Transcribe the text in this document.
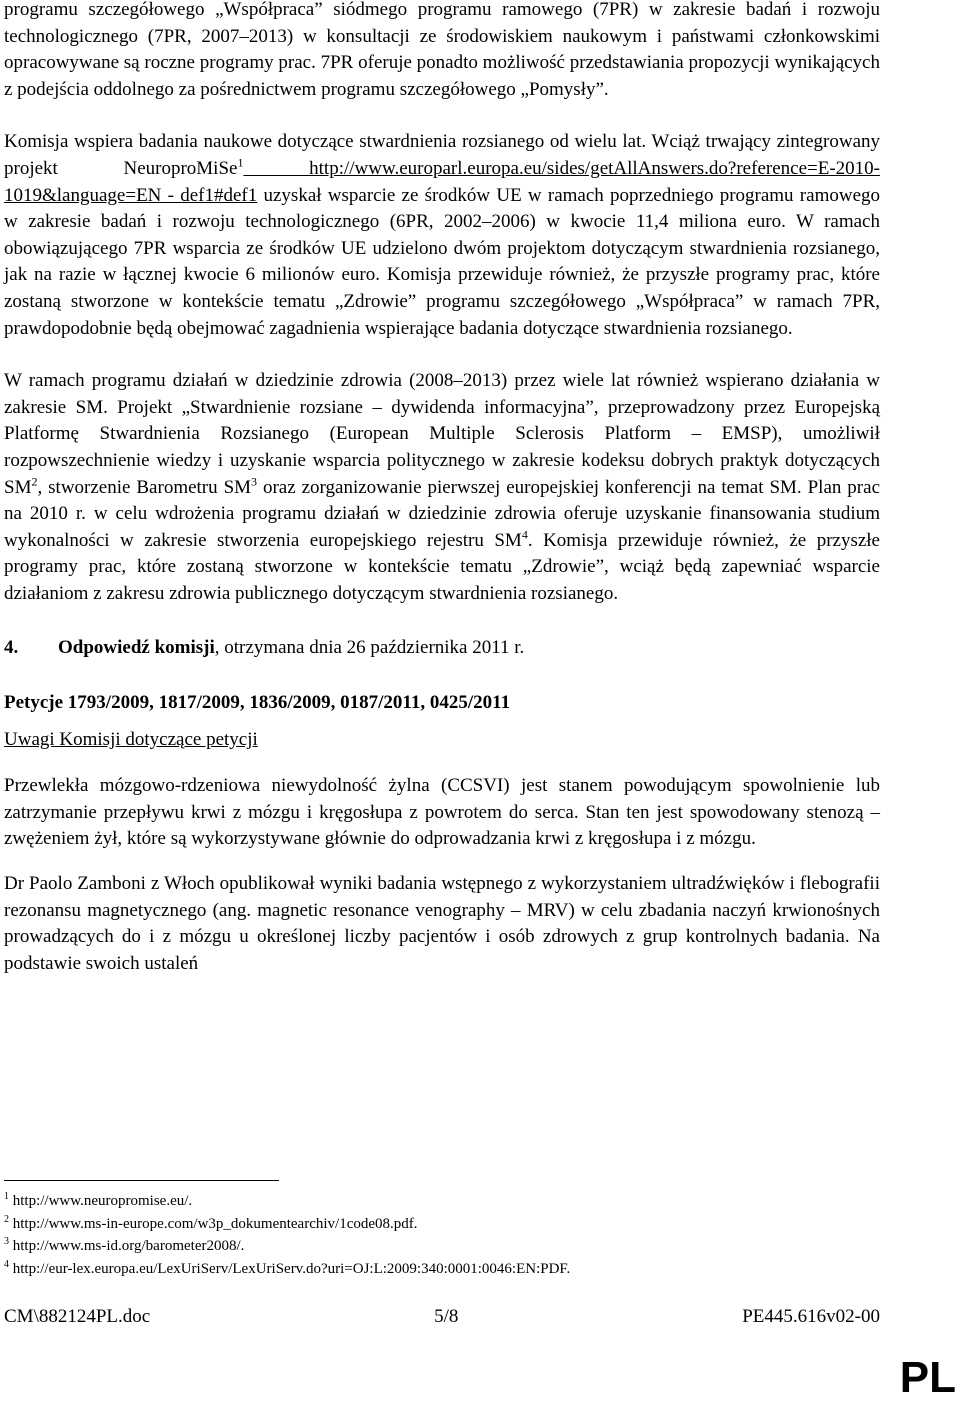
programu szczegółowego „Współpraca” siódmego programu ramowego (7PR) w zakresie badań i rozwoju technologicznego (7PR, 2007–2013) w konsultacji ze środowiskiem naukowym i państwami członkowskimi opracowywane są roczne programy prac. 7PR oferuje ponadto możliwość przedstawiania propozycji wynikających z podejścia oddolnego za pośrednictwem programu szczegółowego „Pomysły”.

Komisja wspiera badania naukowe dotyczące stwardnienia rozsianego od wielu lat. Wciąż trwający zintegrowany projekt NeuroproMiSe$^1$ http://www.europarl.europa.eu/sides/getAllAnswers.do?reference=E-2010-1019&language=EN - def1#def1 uzyskał wsparcie ze środków UE w ramach poprzedniego programu ramowego w zakresie badań i rozwoju technologicznego (6PR, 2002–2006) w kwocie 11,4 miliona euro. W ramach obowiązującego 7PR wsparcia ze środków UE udzielono dwóm projektom dotyczącym stwardnienia rozsianego, jak na razie w łącznej kwocie 6 milionów euro. Komisja przewiduje również, że przyszłe programy prac, które zostaną stworzone w kontekście tematu „Zdrowie” programu szczegółowego „Współpraca” w ramach 7PR, prawdopodobnie będą obejmować zagadnienia wspierające badania dotyczące stwardnienia rozsianego.

W ramach programu działań w dziedzinie zdrowia (2008–2013) przez wiele lat również wspierano działania w zakresie SM. Projekt „Stwardnienie rozsiane – dywidenda informacyjna”, przeprowadzony przez Europejską Platformę Stwardnienia Rozsianego (European Multiple Sclerosis Platform – EMSP), umożliwił rozpowszechnienie wiedzy i uzyskanie wsparcia politycznego w zakresie kodeksu dobrych praktyk dotyczących $SM^2$, stworzenie Barometru $SM^3$ oraz zorganizowanie pierwszej europejskiej konferencji na temat SM. Plan prac na 2010 r. w celu wdrożenia programu działań w dziedzinie zdrowia oferuje uzyskanie finansowania studium wykonalności w zakresie stworzenia europejskiego rejestru $SM^4$. Komisja przewiduje również, że przyszłe programy prac, które zostaną stworzone w kontekście tematu „Zdrowie”, wciąż będą zapewniać wsparcie działaniom z zakresu zdrowia publicznego dotyczącym stwardnienia rozsianego.

4.	Odpowiedź komisji, otrzymana dnia 26 października 2011 r.

Petycje 1793/2009, 1817/2009, 1836/2009, 0187/2011, 0425/2011

Uwagi Komisji dotyczące petycji

Przewlekła mózgowo-rdzeniowa niewydolność żylna (CCSVI) jest stanem powodującym spowolnienie lub zatrzymanie przepływu krwi z mózgu i kręgosłupa z powrotem do serca. Stan ten jest spowodowany stenozą – zwężeniem żył, które są wykorzystywane głównie do odprowadzania krwi z kręgosłupa i z mózgu.

Dr Paolo Zamboni z Włoch opublikował wyniki badania wstępnego z wykorzystaniem ultradźwięków i flebografii rezonansu magnetycznego (ang. magnetic resonance venography – MRV) w celu zbadania naczyń krwionośnych prowadzących do i z mózgu u określonej liczby pacjentów i osób zdrowych z grup kontrolnych badania. Na podstawie swoich ustaleń

$^1$ http://www.neuropromise.eu/.
$^2$ http://www.ms-in-europe.com/w3p_dokumentearchiv/1code08.pdf.
$^3$ http://www.ms-id.org/barometer2008/.
$^4$ http://eur-lex.europa.eu/LexUriServ/LexUriServ.do?uri=OJ:L:2009:340:0001:0046:EN:PDF.
CM\882124PL.doc	5/8	PE445.616v02-00
PL
